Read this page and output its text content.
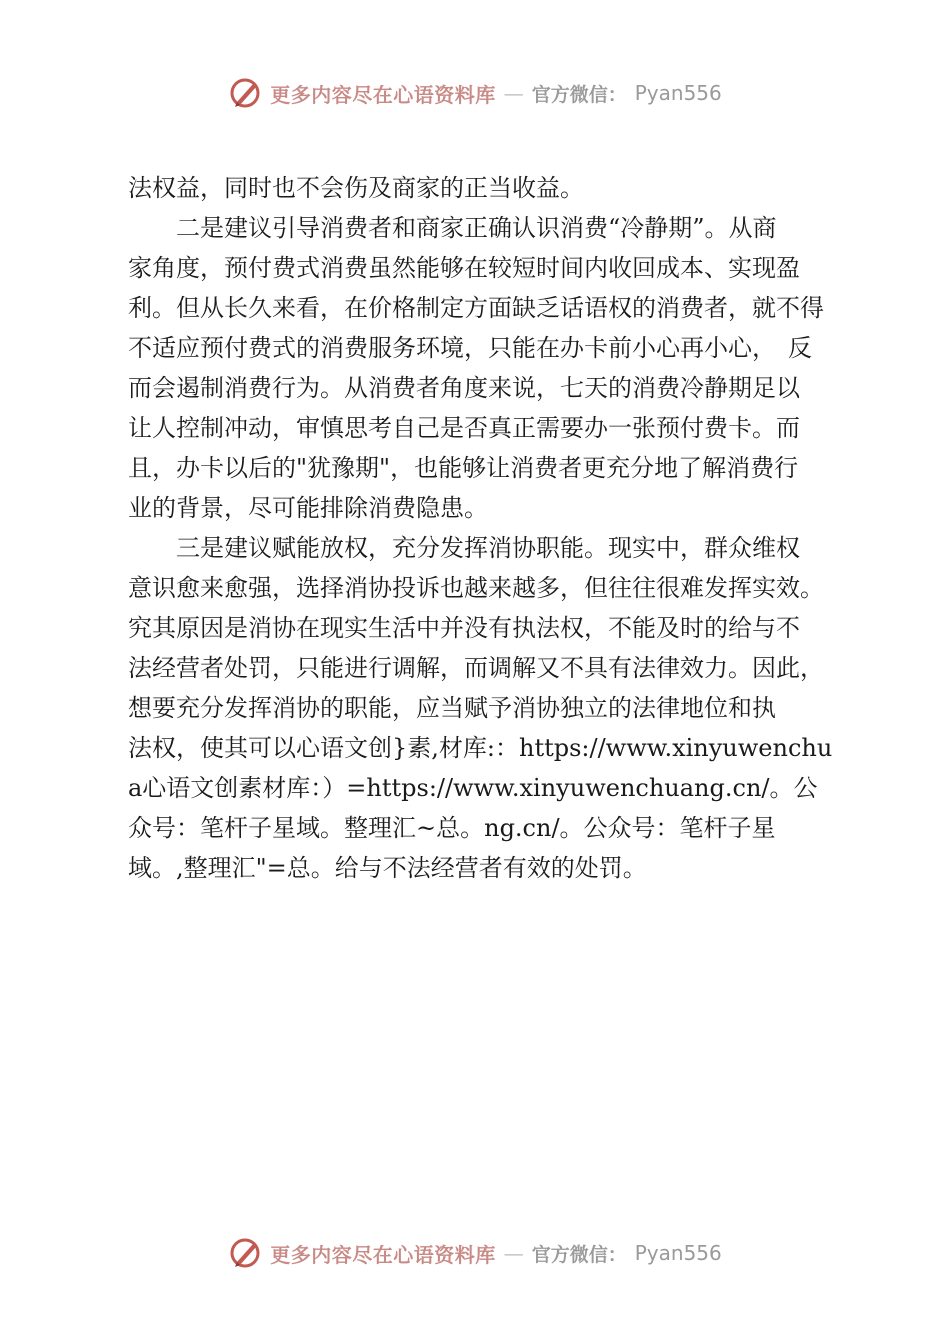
更多内容尽在心语资料库 — 官方微信： Pyan556
法权益，同时也不会伤及商家的正当收益。
　　二是建议引导消费者和商家正确认识消费“冷静期”。从商
家角度，预付费式消费虽然能够在较短时间内收回成本、实现盈
利。但从长久来看，在价格制定方面缺乏话语权的消费者，就不得
不适应预付费式的消费服务环境，只能在办卡前小心再小心，　反
而会遏制消费行为。从消费者角度来说，七天的消费冷静期足以
让人控制冲动，审慎思考自己是否真正需要办一张预付费卡。而
且，办卡以后的"犹豫期"，也能够让消费者更充分地了解消费行
业的背景，尽可能排除消费隐患。
　　三是建议赋能放权，充分发挥消协职能。现实中，群众维权
意识愈来愈强，选择消协投诉也越来越多，但往往很难发挥实效。
究其原因是消协在现实生活中并没有执法权，不能及时的给与不
法经营者处罚，只能进行调解，而调解又不具有法律效力。因此，
想要充分发挥消协的职能，应当赋予消协独立的法律地位和执
法权，使其可以心语文创}素,材库:：https://www.xinyuwenchu
a心语文创素材库：）=https://www.xinyuwenchuang.cn/。公
众号：笔杆子星域。整理汇~总。ng.cn/。公众号：笔杆子星
域。,整理汇"=总。给与不法经营者有效的处罚。
更多内容尽在心语资料库 — 官方微信： Pyan556
